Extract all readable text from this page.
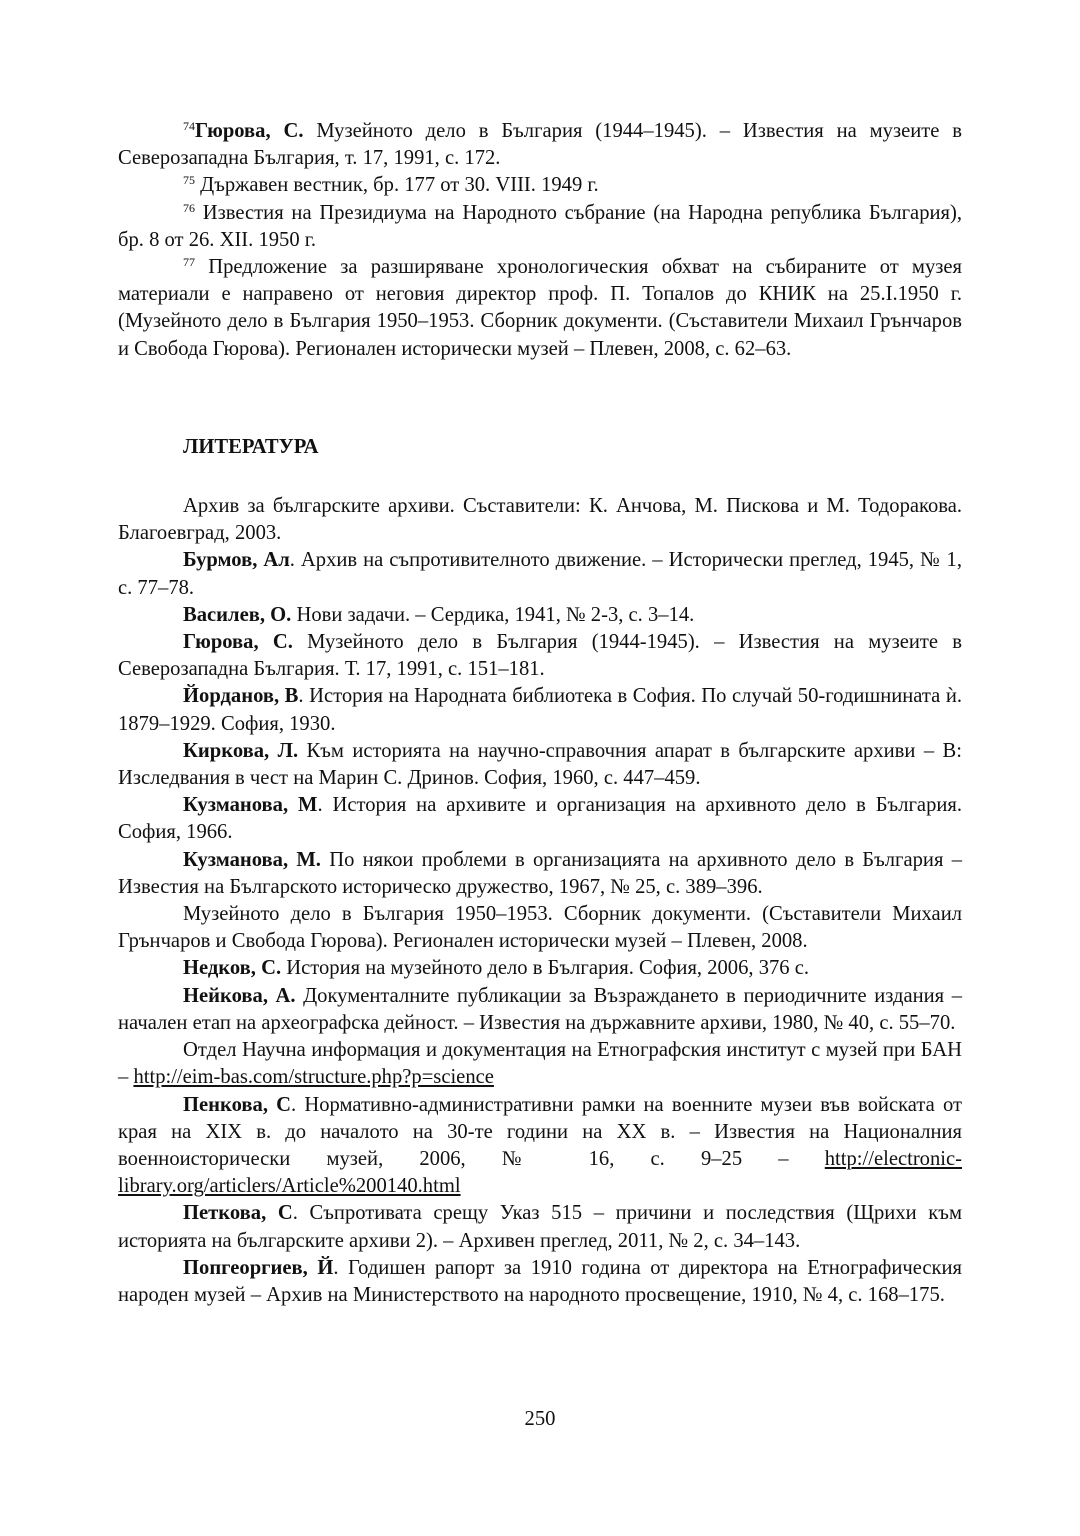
$^{74}$Гюрова, С. Музейното дело в България (1944–1945). – Известия на музеите в Северозападна България, т. 17, 1991, с. 172.

$^{75}$ Държавен вестник, бр. 177 от 30. VIII. 1949 г.

$^{76}$ Известия на Президиума на Народното събрание (на Народна република България), бр. 8 от 26. XII. 1950 г.

$^{77}$ Предложение за разширяване хронологическия обхват на събираните от музея материали е направено от неговия директор проф. П. Топалов до КНИК на 25.I.1950 г. (Музейното дело в България 1950–1953. Сборник документи. (Съставители Михаил Грънчаров и Свобода Гюрова). Регионален исторически музей – Плевен, 2008, с. 62–63.

ЛИТЕРАТУРА

Архив за българските архиви. Съставители: К. Анчова, М. Пискова и М. Тодоракова. Благоевград, 2003.

Бурмов, Ал. Архив на съпротивителното движение. – Исторически преглед, 1945, № 1, с. 77–78.

Василев, О. Нови задачи. – Сердика, 1941, № 2-3, с. 3–14.

Гюрова, С. Музейното дело в България (1944-1945). – Известия на музеите в Северозападна България. Т. 17, 1991, с. 151–181.

Йорданов, В. История на Народната библиотека в София. По случай 50-годишнината ѝ. 1879–1929. София, 1930.

Киркова, Л. Към историята на научно-справочния апарат в българските архиви – В: Изследвания в чест на Марин С. Дринов. София, 1960, с. 447–459.

Кузманова, М. История на архивите и организация на архивното дело в България. София, 1966.

Кузманова, М. По някои проблеми в организацията на архивното дело в България – Известия на Българското историческо дружество, 1967, № 25, с. 389–396.

Музейното дело в България 1950–1953. Сборник документи. (Съставители Михаил Грънчаров и Свобода Гюрова). Регионален исторически музей – Плевен, 2008.

Недков, С. История на музейното дело в България. София, 2006, 376 с.

Нейкова, А. Документалните публикации за Възраждането в периодичните издания – начален етап на археографска дейност. – Известия на държавните архиви, 1980, № 40, с. 55–70.

Отдел Научна информация и документация на Етнографския институт с музей при БАН – http://eim-bas.com/structure.php?p=science

Пенкова, С. Нормативно-административни рамки на военните музеи във войската от края на XIX в. до началото на 30-те години на XX в. – Известия на Националния военноисторически музей, 2006, № 16, с. 9–25 – http://electronic-library.org/articlers/Article%200140.html

Петкова, С. Съпротивата срещу Указ 515 – причини и последствия (Щрихи към историята на българските архиви 2). – Архивен преглед, 2011, № 2, с. 34–143.

Попгеоргиев, Й. Годишен рапорт за 1910 година от директора на Етнографическия народен музей – Архив на Министерството на народното просвещение, 1910, № 4, с. 168–175.

250
